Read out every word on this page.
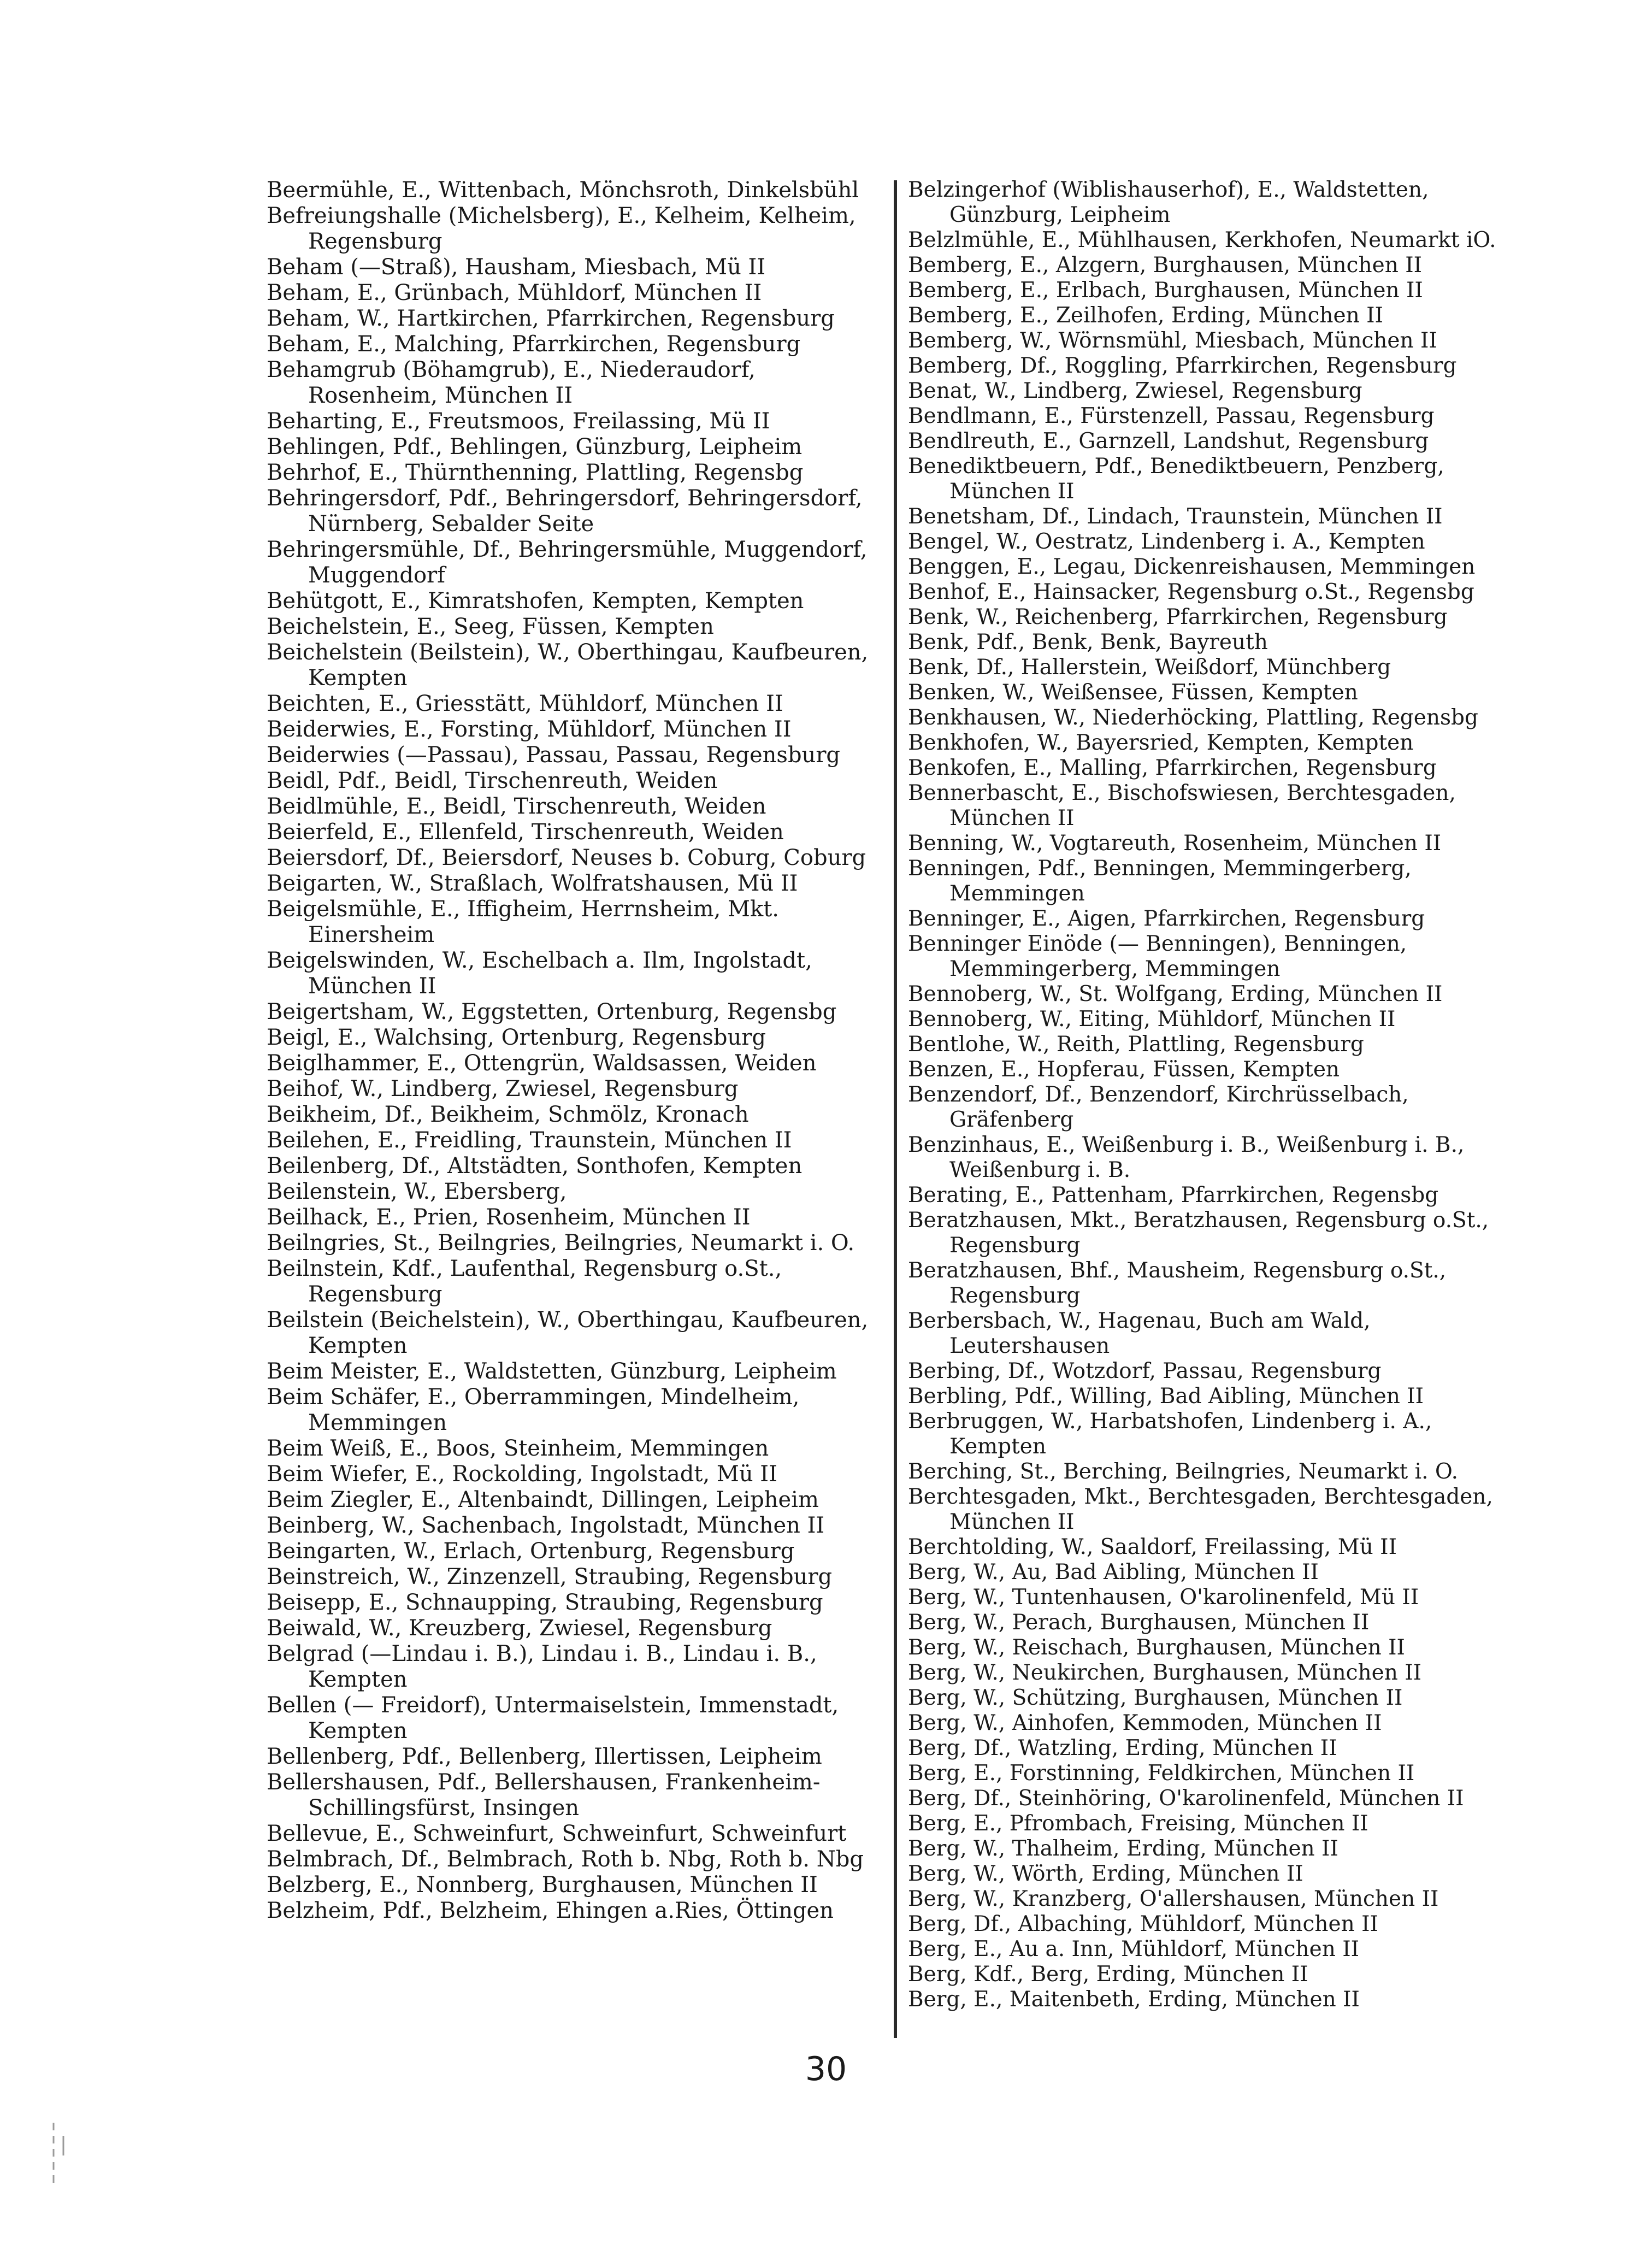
Beermühle, E., Wittenbach, Mönchsroth, Dinkelsbühl
Befreiungshalle (Michelsberg), E., Kelheim, Kelheim, Regensburg
Beham (—Straß), Hausham, Miesbach, Mü II
Beham, E., Grünbach, Mühldorf, München II
Beham, W., Hartkirchen, Pfarrkirchen, Regensburg
Beham, E., Malching, Pfarrkirchen, Regensburg
Behamgrub (Böhamgrub), E., Niederaudorf, Rosenheim, München II
Beharting, E., Freutsmoos, Freilassing, Mü II
Behlingen, Pdf., Behlingen, Günzburg, Leipheim
Behrhof, E., Thürnthenning, Plattling, Regensbg
Behringersdorf, Pdf., Behringersdorf, Behringersdorf, Nürnberg, Sebalder Seite
Behringersmühle, Df., Behringersmühle, Muggendorf, Muggendorf
Behütgott, E., Kimratshofen, Kempten, Kempten
Beichelstein, E., Seeg, Füssen, Kempten
Beichelstein (Beilstein), W., Oberthingau, Kaufbeuren, Kempten
Beichten, E., Griesstätt, Mühldorf, München II
Beiderwies, E., Forsting, Mühldorf, München II
Beiderwies (—Passau), Passau, Passau, Regensburg
Beidl, Pdf., Beidl, Tirschenreuth, Weiden
Beidlmühle, E., Beidl, Tirschenreuth, Weiden
Beierfeld, E., Ellenfeld, Tirschenreuth, Weiden
Beiersdorf, Df., Beiersdorf, Neuses b. Coburg, Coburg
Beigarten, W., Straßlach, Wolfratshausen, Mü II
Beigelsmühle, E., Iffigheim, Herrnsheim, Mkt. Einersheim
Beigelswinden, W., Eschelbach a. Ilm, Ingolstadt, München II
Beigertsham, W., Eggstetten, Ortenburg, Regensbg
Beigl, E., Walchsing, Ortenburg, Regensburg
Beiglhammer, E., Ottengrün, Waldsassen, Weiden
Beihof, W., Lindberg, Zwiesel, Regensburg
Beikheim, Df., Beikheim, Schmölz, Kronach
Beilehen, E., Freidling, Traunstein, München II
Beilenberg, Df., Altstädten, Sonthofen, Kempten
Beilenstein, W., Ebersberg,
Beilhack, E., Prien, Rosenheim, München II
Beilngries, St., Beilngries, Beilngries, Neumarkt i. O.
Beilnstein, Kdf., Laufenthal, Regensburg o.St., Regensburg
Beilstein (Beichelstein), W., Oberthingau, Kaufbeuren, Kempten
Beim Meister, E., Waldstetten, Günzburg, Leipheim
Beim Schäfer, E., Oberrammingen, Mindelheim, Memmingen
Beim Weiß, E., Boos, Steinheim, Memmingen
Beim Wiefer, E., Rockolding, Ingolstadt, Mü II
Beim Ziegler, E., Altenbaindt, Dillingen, Leipheim
Beinberg, W., Sachenbach, Ingolstadt, München II
Beingarten, W., Erlach, Ortenburg, Regensburg
Beinstreich, W., Zinzenzell, Straubing, Regensburg
Beisepp, E., Schnaupping, Straubing, Regensburg
Beiwald, W., Kreuzberg, Zwiesel, Regensburg
Belgrad (—Lindau i. B.), Lindau i. B., Lindau i. B., Kempten
Bellen (— Freidorf), Untermaiselstein, Immenstadt, Kempten
Bellenberg, Pdf., Bellenberg, Illertissen, Leipheim
Bellershausen, Pdf., Bellershausen, Frankenheim-Schillingsfürst, Insingen
Bellevue, E., Schweinfurt, Schweinfurt, Schweinfurt
Belmbrach, Df., Belmbrach, Roth b. Nbg, Roth b. Nbg
Belzberg, E., Nonnberg, Burghausen, München II
Belzheim, Pdf., Belzheim, Ehingen a.Ries, Öttingen
Belzingerhof (Wiblishauserhof), E., Waldstetten, Günzburg, Leipheim
Belzlmühle, E., Mühlhausen, Kerkhofen, Neumarkt iO.
Bemberg, E., Alzgern, Burghausen, München II
Bemberg, E., Erlbach, Burghausen, München II
Bemberg, E., Zeilhofen, Erding, München II
Bemberg, W., Wörnsmühl, Miesbach, München II
Bemberg, Df., Roggling, Pfarrkirchen, Regensburg
Benat, W., Lindberg, Zwiesel, Regensburg
Bendlmann, E., Fürstenzell, Passau, Regensburg
Bendlreuth, E., Garnzell, Landshut, Regensburg
Benediktbeuern, Pdf., Benediktbeuern, Penzberg, München II
Benetsham, Df., Lindach, Traunstein, München II
Bengel, W., Oestratz, Lindenberg i. A., Kempten
Benggen, E., Legau, Dickenreishausen, Memmingen
Benhof, E., Hainsacker, Regensburg o.St., Regensbg
Benk, W., Reichenberg, Pfarrkirchen, Regensburg
Benk, Pdf., Benk, Benk, Bayreuth
Benk, Df., Hallerstein, Weißdorf, Münchberg
Benken, W., Weißensee, Füssen, Kempten
Benkhausen, W., Niederhöcking, Plattling, Regensbg
Benkhofen, W., Bayersried, Kempten, Kempten
Benkofen, E., Malling, Pfarrkirchen, Regensburg
Bennerbascht, E., Bischofswiesen, Berchtesgaden, München II
Benning, W., Vogtareuth, Rosenheim, München II
Benningen, Pdf., Benningen, Memmingerberg, Memmingen
Benninger, E., Aigen, Pfarrkirchen, Regensburg
Benninger Einöde (— Benningen), Benningen, Memmingerberg, Memmingen
Bennoberg, W., St. Wolfgang, Erding, München II
Bennoberg, W., Eiting, Mühldorf, München II
Bentlohe, W., Reith, Plattling, Regensburg
Benzen, E., Hopferau, Füssen, Kempten
Benzendorf, Df., Benzendorf, Kirchrüsselbach, Gräfenberg
Benzinhaus, E., Weißenburg i. B., Weißenburg i. B., Weißenburg i. B.
Berating, E., Pattenham, Pfarrkirchen, Regensbg
Beratzhausen, Mkt., Beratzhausen, Regensburg o.St., Regensburg
Beratzhausen, Bhf., Mausheim, Regensburg o.St., Regensburg
Berbersbach, W., Hagenau, Buch am Wald, Leutershausen
Berbing, Df., Wotzdorf, Passau, Regensburg
Berbling, Pdf., Willing, Bad Aibling, München II
Berbruggen, W., Harbatshofen, Lindenberg i. A., Kempten
Berching, St., Berching, Beilngries, Neumarkt i. O.
Berchtesgaden, Mkt., Berchtesgaden, Berchtesgaden, München II
Berchtolding, W., Saaldorf, Freilassing, Mü II
Berg, W., Au, Bad Aibling, München II
Berg, W., Tuntenhausen, O'karolinenfeld, Mü II
Berg, W., Perach, Burghausen, München II
Berg, W., Reischach, Burghausen, München II
Berg, W., Neukirchen, Burghausen, München II
Berg, W., Schützing, Burghausen, München II
Berg, W., Ainhofen, Kemmoden, München II
Berg, Df., Watzling, Erding, München II
Berg, E., Forstinning, Feldkirchen, München II
Berg, Df., Steinhöring, O'karolinenfeld, München II
Berg, E., Pfrombach, Freising, München II
Berg, W., Thalheim, Erding, München II
Berg, W., Wörth, Erding, München II
Berg, W., Kranzberg, O'allershausen, München II
Berg, Df., Albaching, Mühldorf, München II
Berg, E., Au a. Inn, Mühldorf, München II
Berg, Kdf., Berg, Erding, München II
Berg, E., Maitenbeth, Erding, München II
30
